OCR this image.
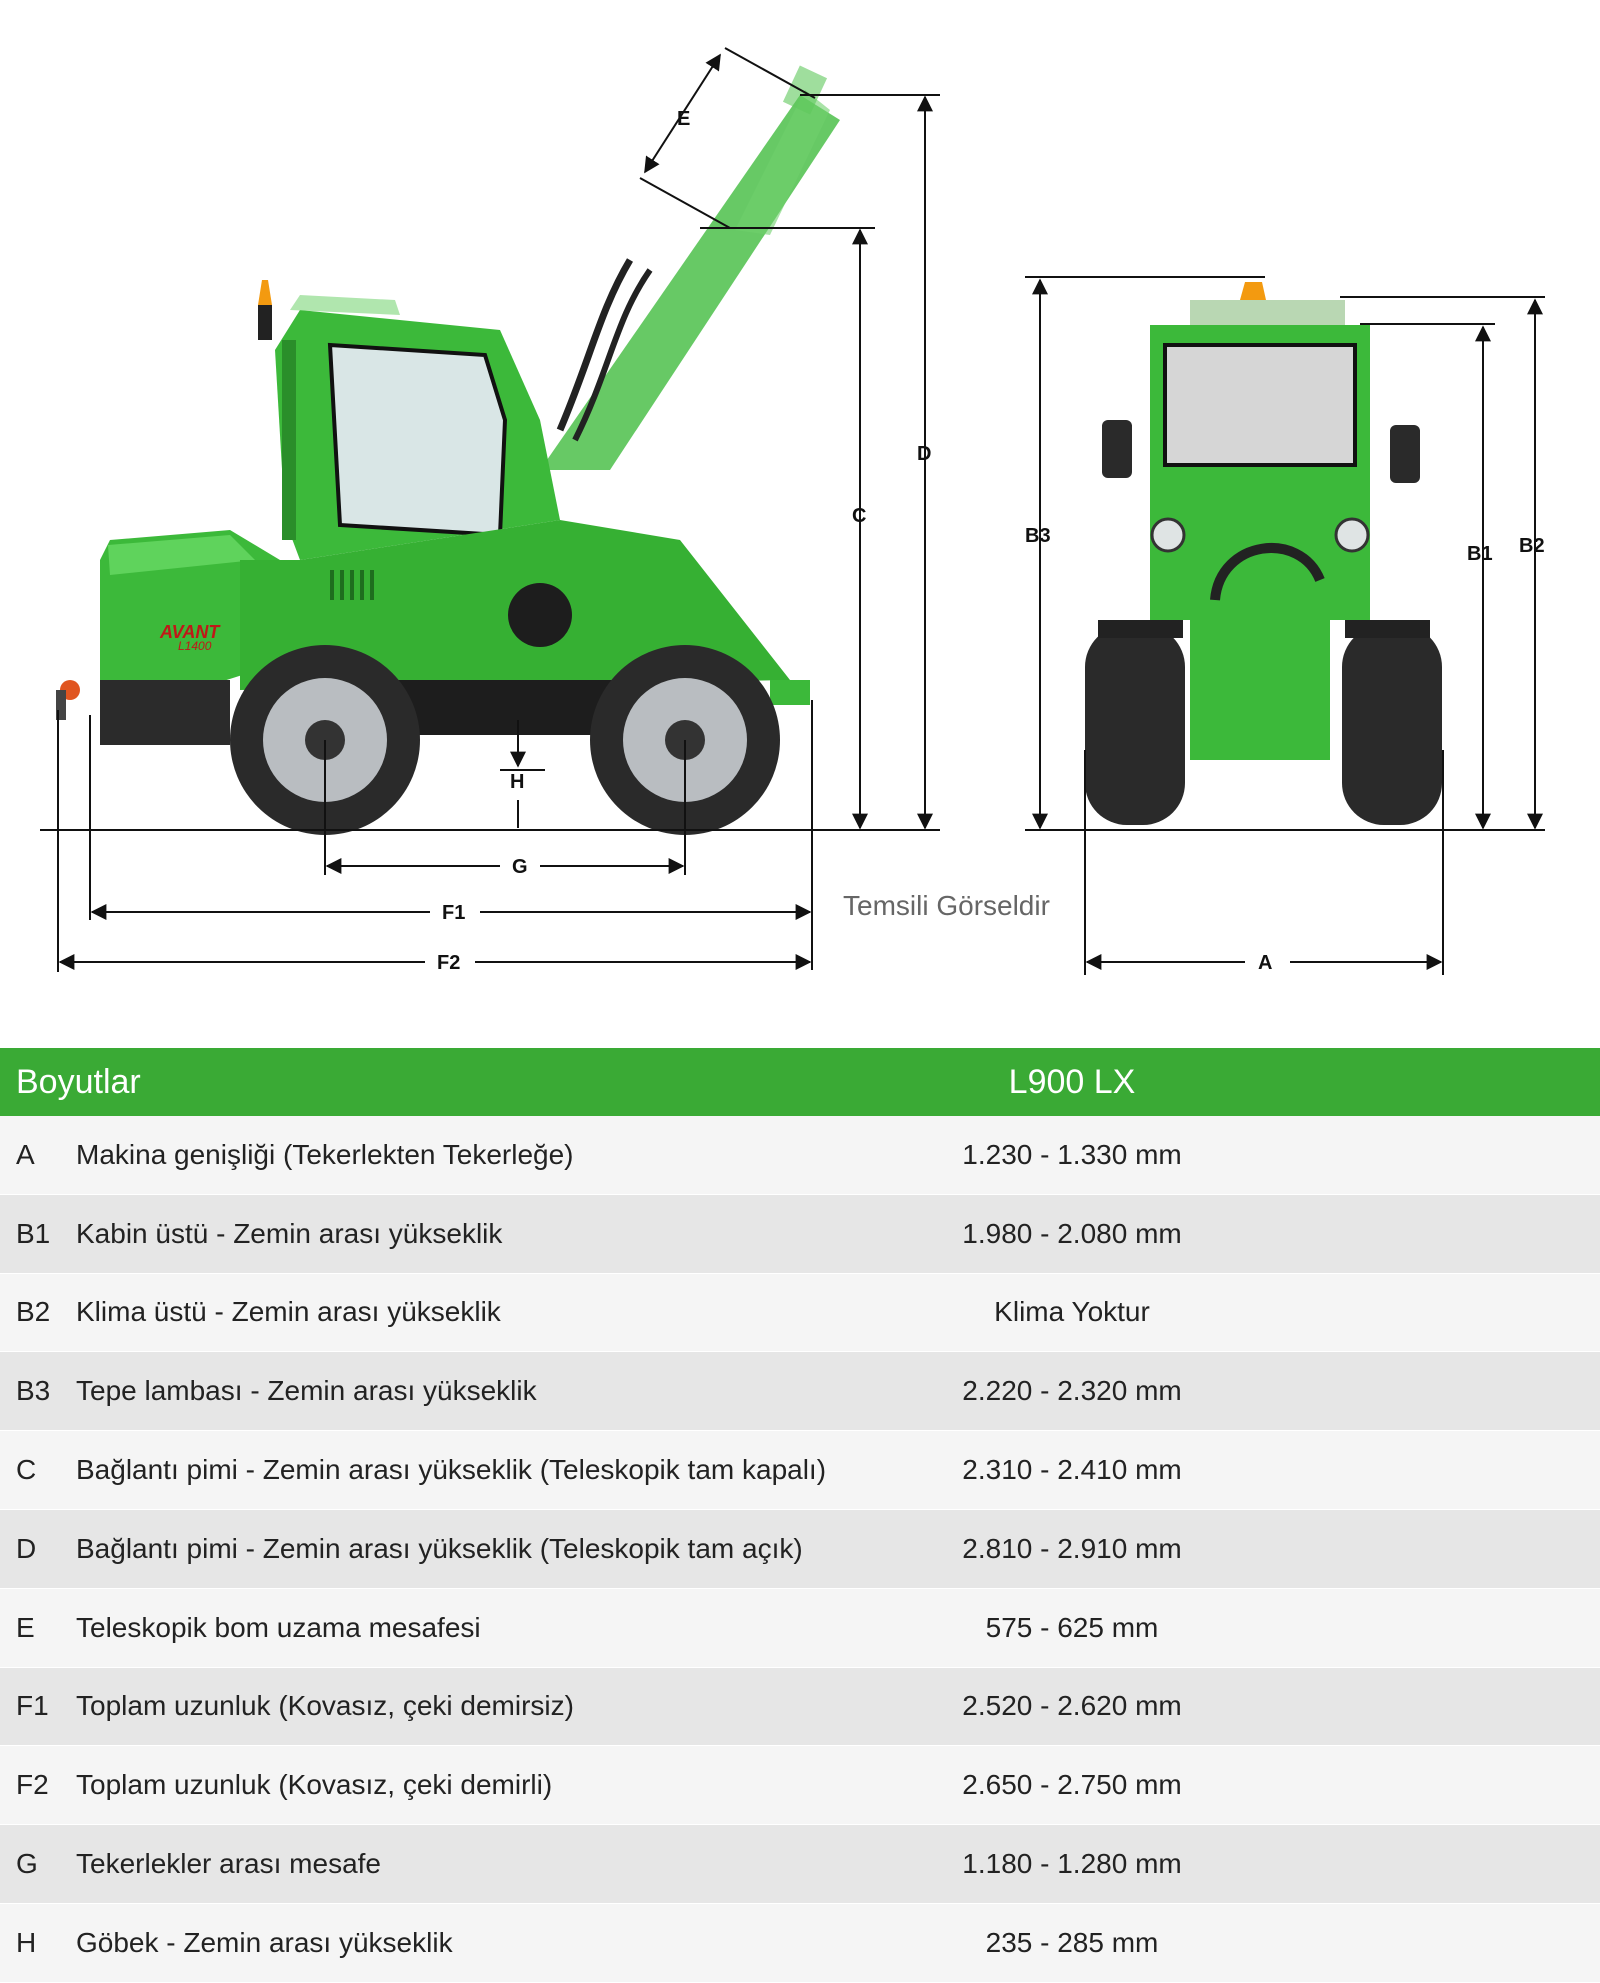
AVANT
L1400
E
D
C
H
G
F1
F2
B3
B1 B2
A
Temsili Görseldir
Boyutlar	L900 LX
A	Makina genişliği (Tekerlekten Tekerleğe)	1.230 - 1.330 mm
B1 Kabin üstü - Zemin arası yükseklik	1.980 - 2.080 mm
B2 Klima üstü - Zemin arası yükseklik	Klima Yoktur
B3 Tepe lambası - Zemin arası yükseklik	2.220 - 2.320 mm
C	Bağlantı pimi - Zemin arası yükseklik (Teleskopik tam kapalı)	2.310 - 2.410 mm
D	Bağlantı pimi - Zemin arası yükseklik (Teleskopik tam açık)	2.810 - 2.910 mm
E	Teleskopik bom uzama mesafesi	575 - 625 mm
F1 Toplam uzunluk (Kovasız, çeki demirsiz)	2.520 - 2.620 mm
F2 Toplam uzunluk (Kovasız, çeki demirli)	2.650 - 2.750 mm
G	Tekerlekler arası mesafe	1.180 - 1.280 mm
H	Göbek - Zemin arası yükseklik	235 - 285 mm
